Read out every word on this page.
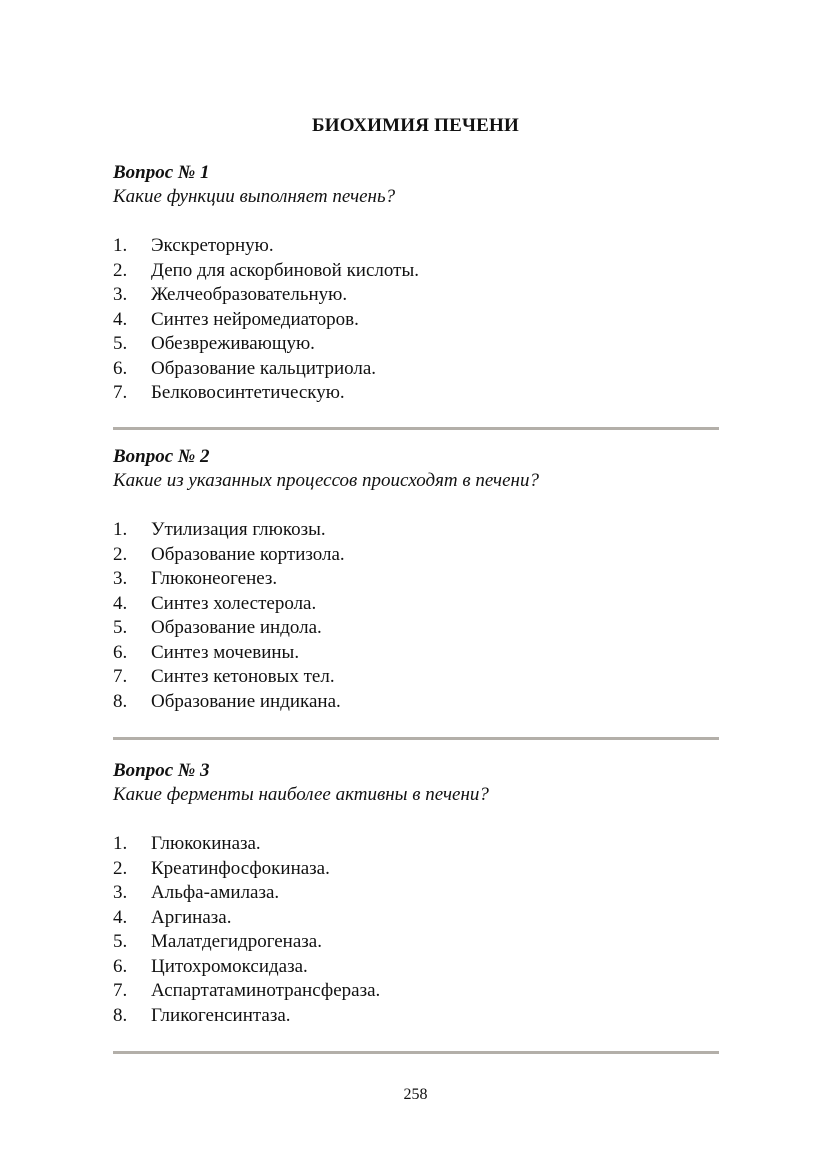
БИОХИМИЯ ПЕЧЕНИ
Вопрос № 1
Какие функции выполняет печень?
1.	Экскреторную.
2.	Депо для аскорбиновой кислоты.
3.	Желчеобразовательную.
4.	Синтез нейромедиаторов.
5.	Обезвреживающую.
6.	Образование кальцитриола.
7.	Белковосинтетическую.
Вопрос № 2
Какие из указанных процессов происходят в печени?
1.	Утилизация глюкозы.
2.	Образование кортизола.
3.	Глюконеогенез.
4.	Синтез холестерола.
5.	Образование индола.
6.	Синтез мочевины.
7.	Синтез кетоновых тел.
8.	Образование индикана.
Вопрос № 3
Какие ферменты наиболее активны в печени?
1.	Глюкокиназа.
2.	Креатинфосфокиназа.
3.	Альфа-амилаза.
4.	Аргиназа.
5.	Малатдегидрогеназа.
6.	Цитохромоксидаза.
7.	Аспартатаминотрансфераза.
8.	Гликогенсинтаза.
258
